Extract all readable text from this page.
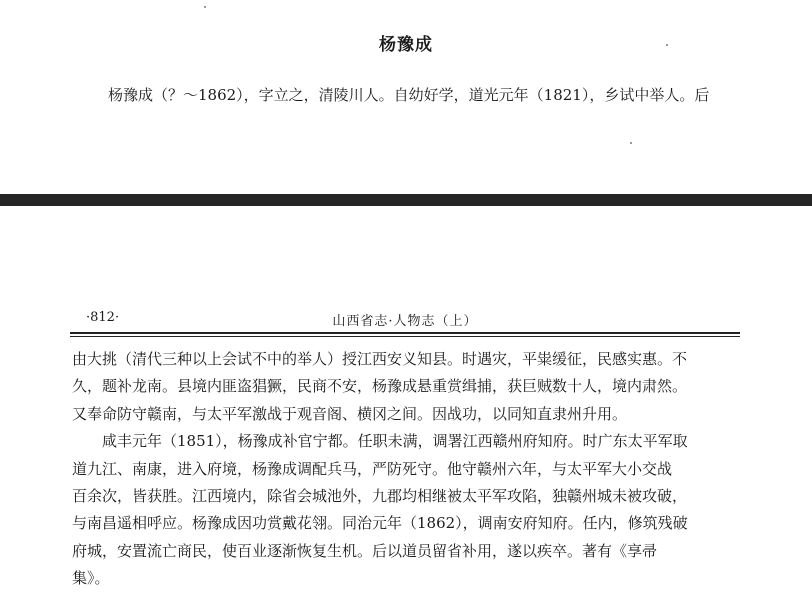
杨豫成
杨豫成（？～1862），字立之，清陵川人。自幼好学，道光元年（1821），乡试中举人。后
·812·	山西省志·人物志（上）
由大挑（清代三种以上会试不中的举人）授江西安义知县。时遇灾，平粜缓征，民感实惠。不
久，题补龙南。县境内匪盗猖獗，民商不安，杨豫成悬重赏缉捕，获巨贼数十人，境内肃然。
又奉命防守赣南，与太平军激战于观音阁、横冈之间。因战功，以同知直隶州升用。
　　咸丰元年（1851），杨豫成补官宁都。任职未满，调署江西赣州府知府。时广东太平军取
道九江、南康，进入府境，杨豫成调配兵马，严防死守。他守赣州六年，与太平军大小交战
百余次，皆获胜。江西境内，除省会城池外，九郡均相继被太平军攻陷，独赣州城未被攻破，
与南昌遥相呼应。杨豫成因功赏戴花翎。同治元年（1862），调南安府知府。任内，修筑残破
府城，安置流亡商民，使百业逐渐恢复生机。后以道员留省补用，遂以疾卒。著有《享帚
集》。
